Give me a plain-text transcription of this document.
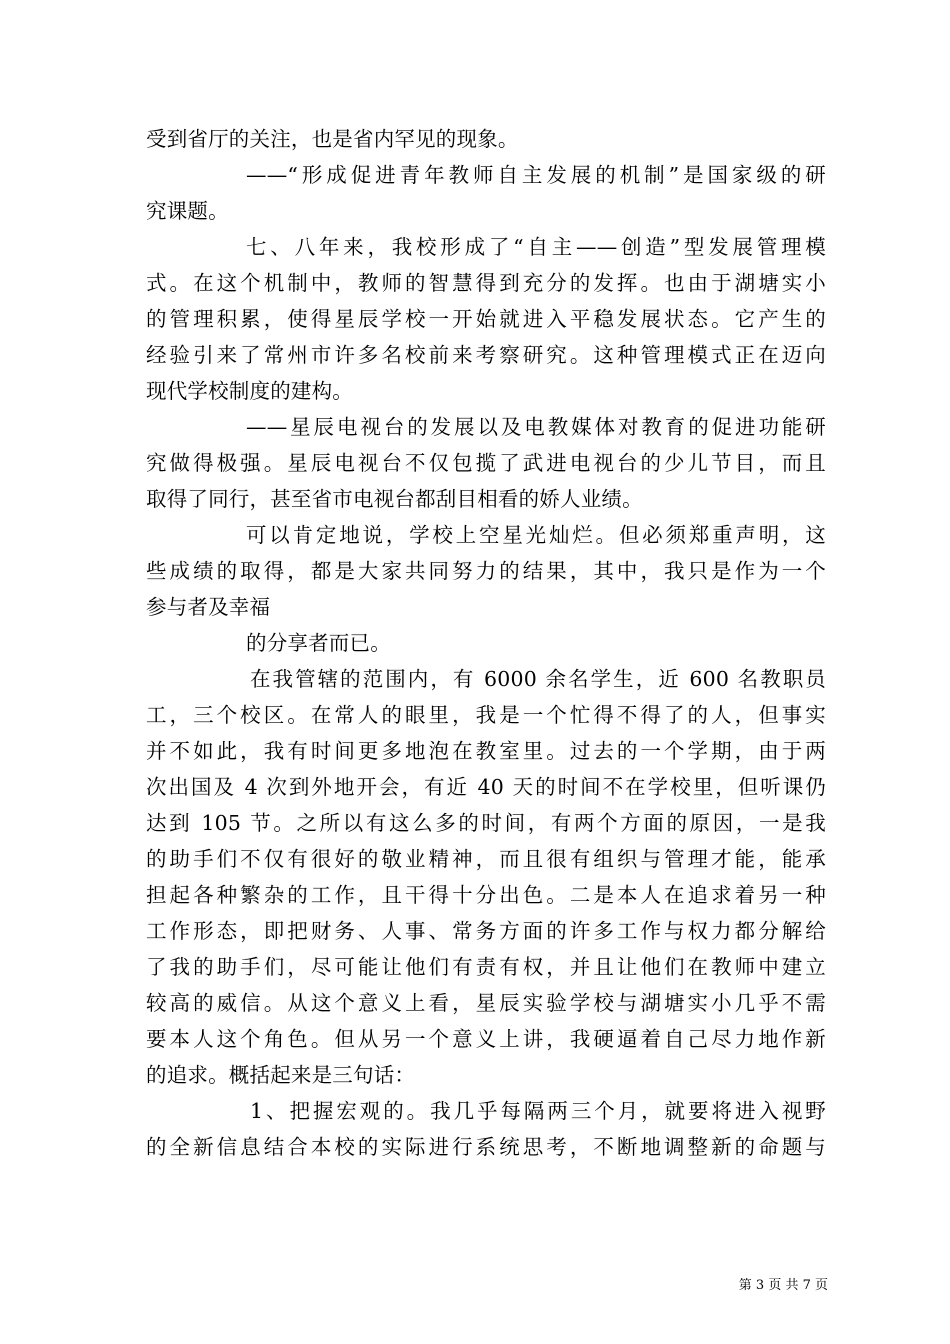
受到省厅的关注，也是省内罕见的现象。
——“形成促进青年教师自主发展的机制”是国家级的研
究课题。
七、八年来，我校形成了“自主——创造”型发展管理模
式。在这个机制中，教师的智慧得到充分的发挥。也由于湖塘实小
的管理积累，使得星辰学校一开始就进入平稳发展状态。它产生的
经验引来了常州市许多名校前来考察研究。这种管理模式正在迈向
现代学校制度的建构。
——星辰电视台的发展以及电教媒体对教育的促进功能研
究做得极强。星辰电视台不仅包揽了武进电视台的少儿节目，而且
取得了同行，甚至省市电视台都刮目相看的娇人业绩。
可以肯定地说，学校上空星光灿烂。但必须郑重声明，这
些成绩的取得，都是大家共同努力的结果，其中，我只是作为一个
参与者及幸福
的分享者而已。
在我管辖的范围内，有 6000 余名学生，近 600 名教职员
工，三个校区。在常人的眼里，我是一个忙得不得了的人，但事实
并不如此，我有时间更多地泡在教室里。过去的一个学期，由于两
次出国及 4 次到外地开会，有近 40 天的时间不在学校里，但听课仍
达到 105 节。之所以有这么多的时间，有两个方面的原因，一是我
的助手们不仅有很好的敬业精神，而且很有组织与管理才能，能承
担起各种繁杂的工作，且干得十分出色。二是本人在追求着另一种
工作形态，即把财务、人事、常务方面的许多工作与权力都分解给
了我的助手们，尽可能让他们有责有权，并且让他们在教师中建立
较高的威信。从这个意义上看，星辰实验学校与湖塘实小几乎不需
要本人这个角色。但从另一个意义上讲，我硬逼着自己尽力地作新
的追求。概括起来是三句话：
1、把握宏观的。我几乎每隔两三个月，就要将进入视野
的全新信息结合本校的实际进行系统思考，不断地调整新的命题与
第 3 页 共 7 页
